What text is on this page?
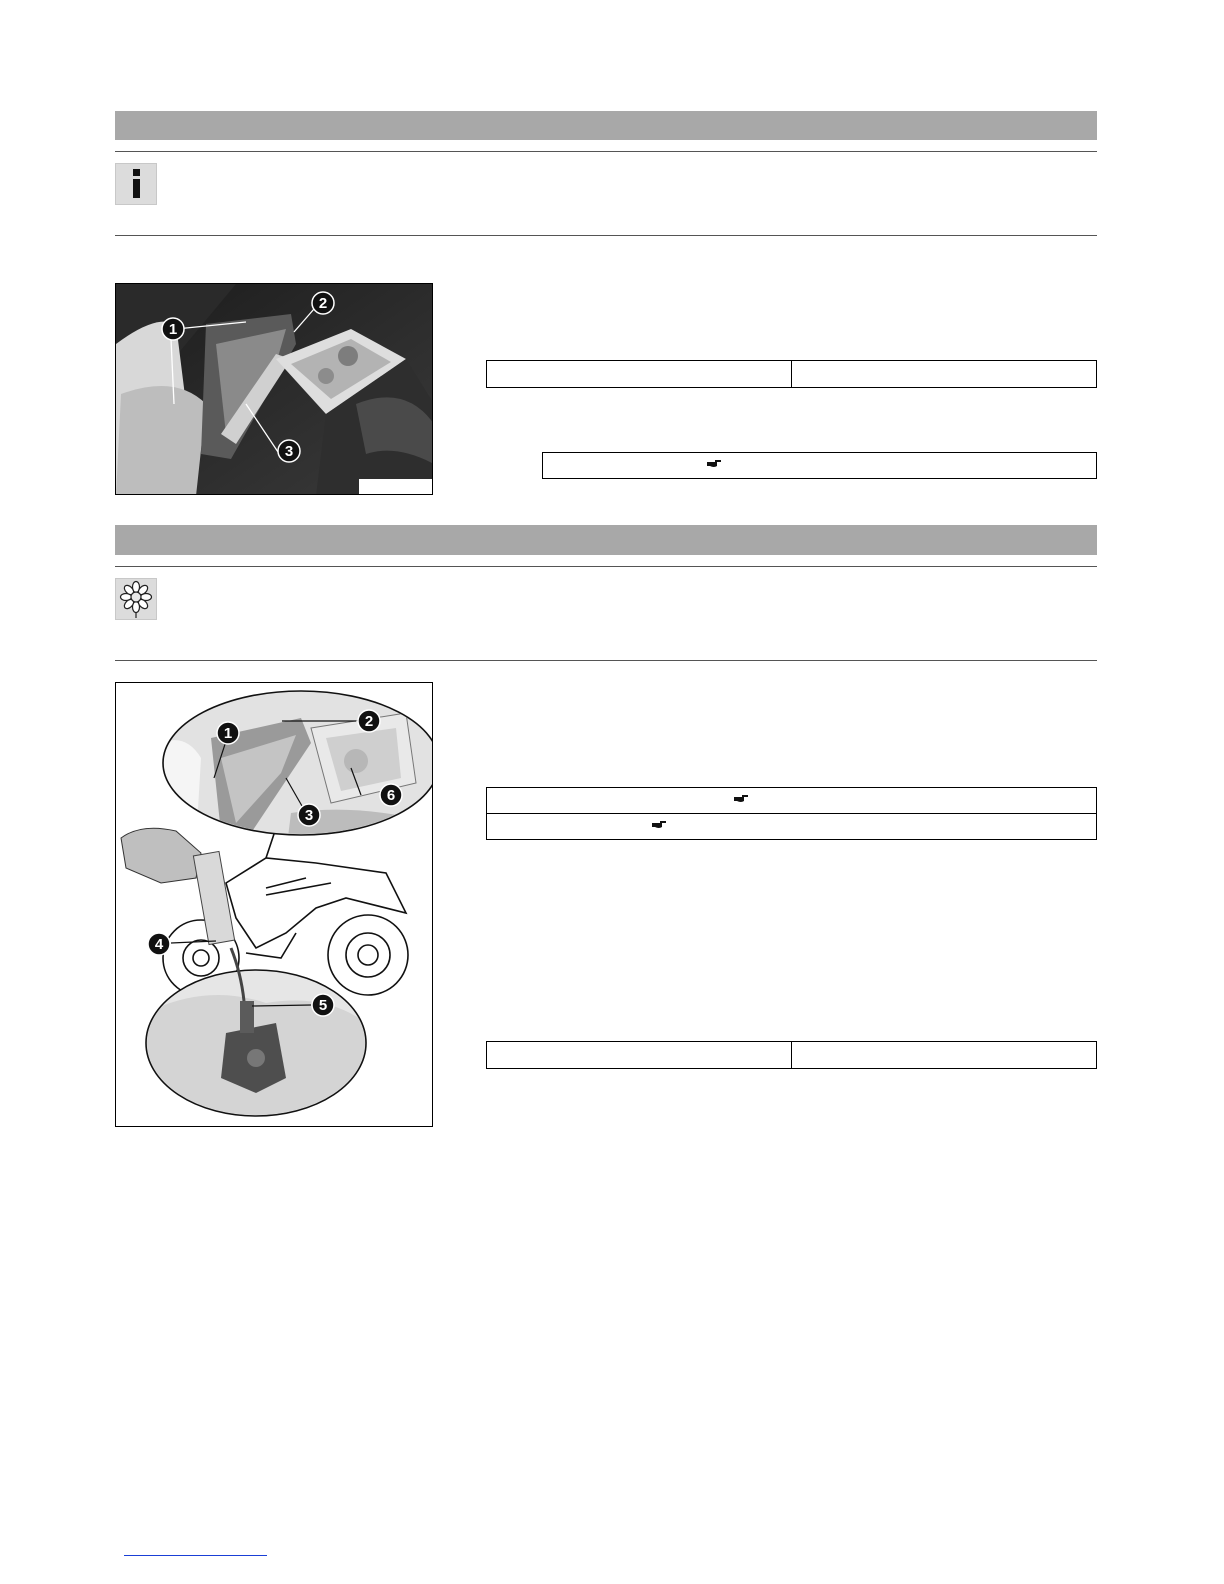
1
2
3
1
2
3
4
5
6
